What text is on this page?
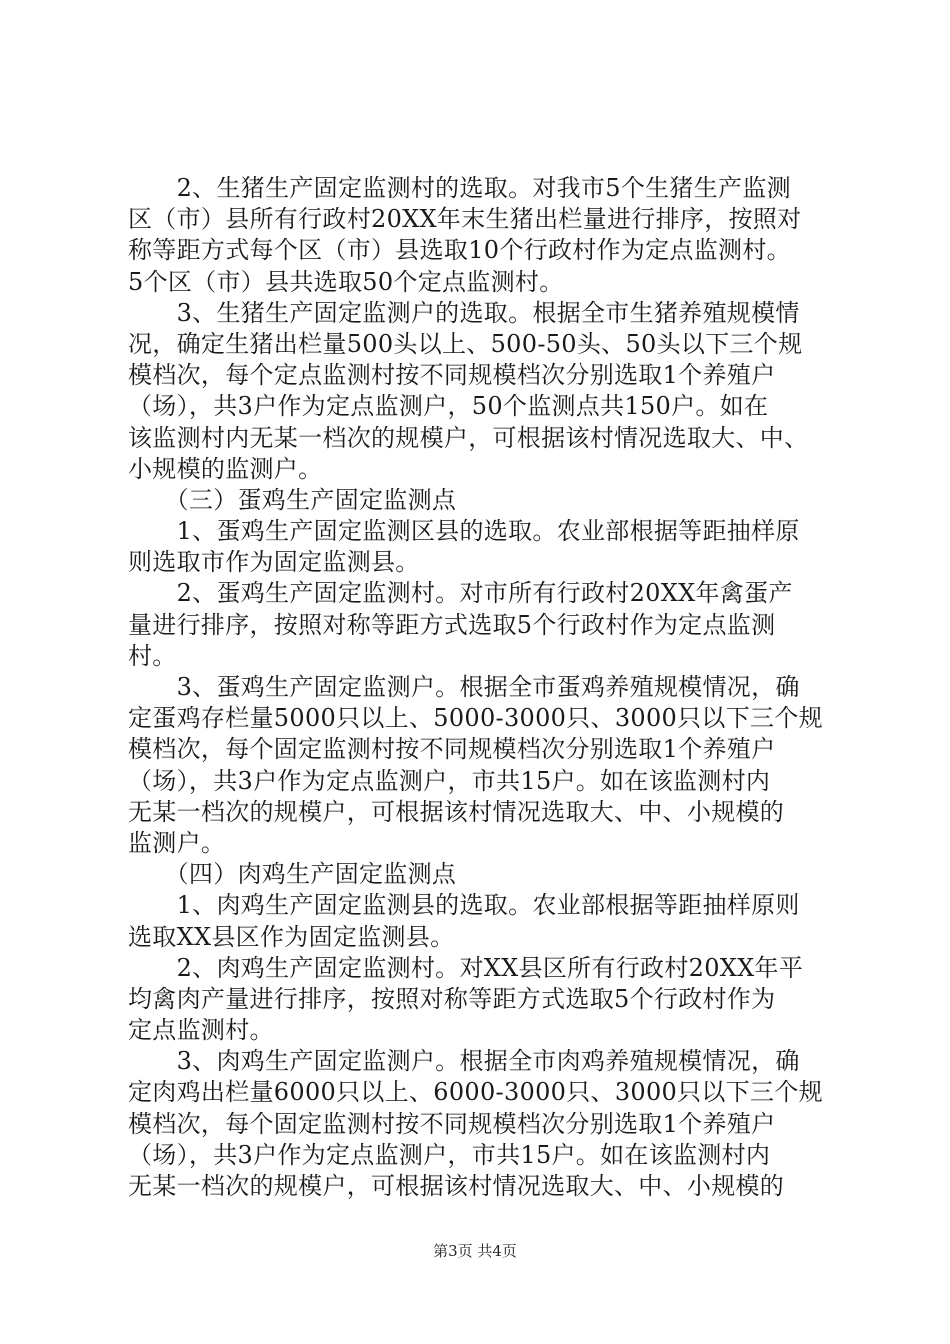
　　2、生猪生产固定监测村的选取。对我市5个生猪生产监测
区（市）县所有行政村20XX年末生猪出栏量进行排序，按照对
称等距方式每个区（市）县选取10个行政村作为定点监测村。
5个区（市）县共选取50个定点监测村。
　　3、生猪生产固定监测户的选取。根据全市生猪养殖规模情
况，确定生猪出栏量500头以上、500-50头、50头以下三个规
模档次，每个定点监测村按不同规模档次分别选取1个养殖户
（场），共3户作为定点监测户，50个监测点共150户。如在
该监测村内无某一档次的规模户，可根据该村情况选取大、中、
小规模的监测户。
　　（三）蛋鸡生产固定监测点
　　1、蛋鸡生产固定监测区县的选取。农业部根据等距抽样原
则选取市作为固定监测县。
　　2、蛋鸡生产固定监测村。对市所有行政村20XX年禽蛋产
量进行排序，按照对称等距方式选取5个行政村作为定点监测
村。
　　3、蛋鸡生产固定监测户。根据全市蛋鸡养殖规模情况，确
定蛋鸡存栏量5000只以上、5000-3000只、3000只以下三个规
模档次，每个固定监测村按不同规模档次分别选取1个养殖户
（场），共3户作为定点监测户，市共15户。如在该监测村内
无某一档次的规模户，可根据该村情况选取大、中、小规模的
监测户。
　　（四）肉鸡生产固定监测点
　　1、肉鸡生产固定监测县的选取。农业部根据等距抽样原则
选取XX县区作为固定监测县。
　　2、肉鸡生产固定监测村。对XX县区所有行政村20XX年平
均禽肉产量进行排序，按照对称等距方式选取5个行政村作为
定点监测村。
　　3、肉鸡生产固定监测户。根据全市肉鸡养殖规模情况，确
定肉鸡出栏量6000只以上、6000-3000只、3000只以下三个规
模档次，每个固定监测村按不同规模档次分别选取1个养殖户
（场），共3户作为定点监测户，市共15户。如在该监测村内
无某一档次的规模户，可根据该村情况选取大、中、小规模的
第3页 共4页
